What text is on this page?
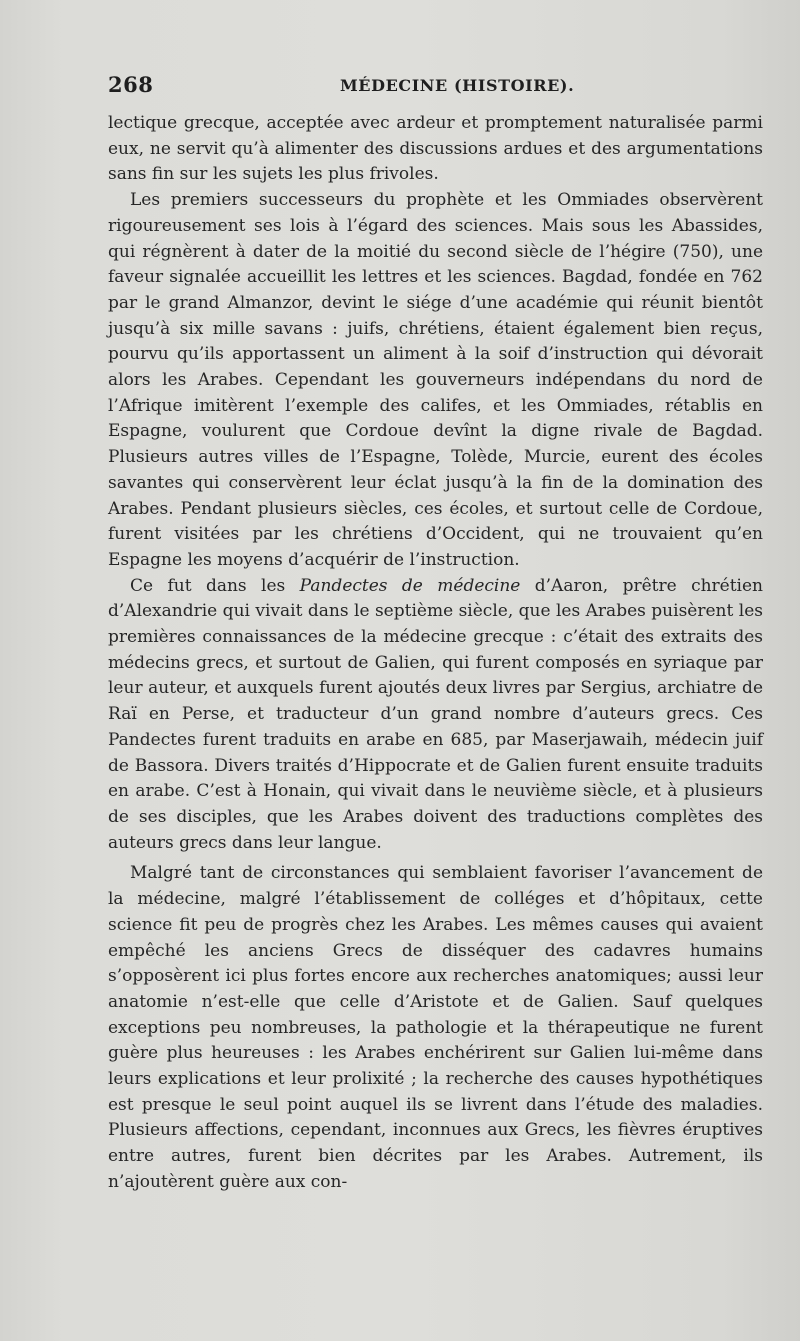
268	MÉDECINE (HISTOIRE).

lectique grecque, acceptée avec ardeur et promptement naturalisée parmi eux, ne servit qu’à alimenter des discussions ardues et des argumentations sans fin sur les sujets les plus frivoles.

Les premiers successeurs du prophète et les Ommiades observèrent rigoureusement ses lois à l’égard des sciences. Mais sous les Abassides, qui régnèrent à dater de la moitié du second siècle de l’hégire (750), une faveur signalée accueillit les lettres et les sciences. Bagdad, fondée en 762 par le grand Almanzor, devint le siége d’une académie qui réunit bientôt jusqu’à six mille savans : juifs, chrétiens, étaient également bien reçus, pourvu qu’ils apportassent un aliment à la soif d’instruction qui dévorait alors les Arabes. Cependant les gouverneurs indépendans du nord de l’Afrique imitèrent l’exemple des califes, et les Ommiades, rétablis en Espagne, voulurent que Cordoue devînt la digne rivale de Bagdad. Plusieurs autres villes de l’Espagne, Tolède, Murcie, eurent des écoles savantes qui conservèrent leur éclat jusqu’à la fin de la domination des Arabes. Pendant plusieurs siècles, ces écoles, et surtout celle de Cordoue, furent visitées par les chrétiens d’Occident, qui ne trouvaient qu’en Espagne les moyens d’acquérir de l’instruction.

Ce fut dans les Pandectes de médecine d’Aaron, prêtre chrétien d’Alexandrie qui vivait dans le septième siècle, que les Arabes puisèrent les premières connaissances de la médecine grecque : c’était des extraits des médecins grecs, et surtout de Galien, qui furent composés en syriaque par leur auteur, et auxquels furent ajoutés deux livres par Sergius, archiatre de Raï en Perse, et traducteur d’un grand nombre d’auteurs grecs. Ces Pandectes furent traduits en arabe en 685, par Maserjawaih, médecin juif de Bassora. Divers traités d’Hippocrate et de Galien furent ensuite traduits en arabe. C’est à Honain, qui vivait dans le neuvième siècle, et à plusieurs de ses disciples, que les Arabes doivent des traductions complètes des auteurs grecs dans leur langue.

Malgré tant de circonstances qui semblaient favoriser l’avancement de la médecine, malgré l’établissement de colléges et d’hôpitaux, cette science fit peu de progrès chez les Arabes. Les mêmes causes qui avaient empêché les anciens Grecs de disséquer des cadavres humains s’opposèrent ici plus fortes encore aux recherches anatomiques; aussi leur anatomie n’est-elle que celle d’Aristote et de Galien. Sauf quelques exceptions peu nombreuses, la pathologie et la thérapeutique ne furent guère plus heureuses : les Arabes enchérirent sur Galien lui-même dans leurs explications et leur prolixité ; la recherche des causes hypothétiques est presque le seul point auquel ils se livrent dans l’étude des maladies. Plusieurs affections, cependant, inconnues aux Grecs, les fièvres éruptives entre autres, furent bien décrites par les Arabes. Autrement, ils n’ajoutèrent guère aux con-
